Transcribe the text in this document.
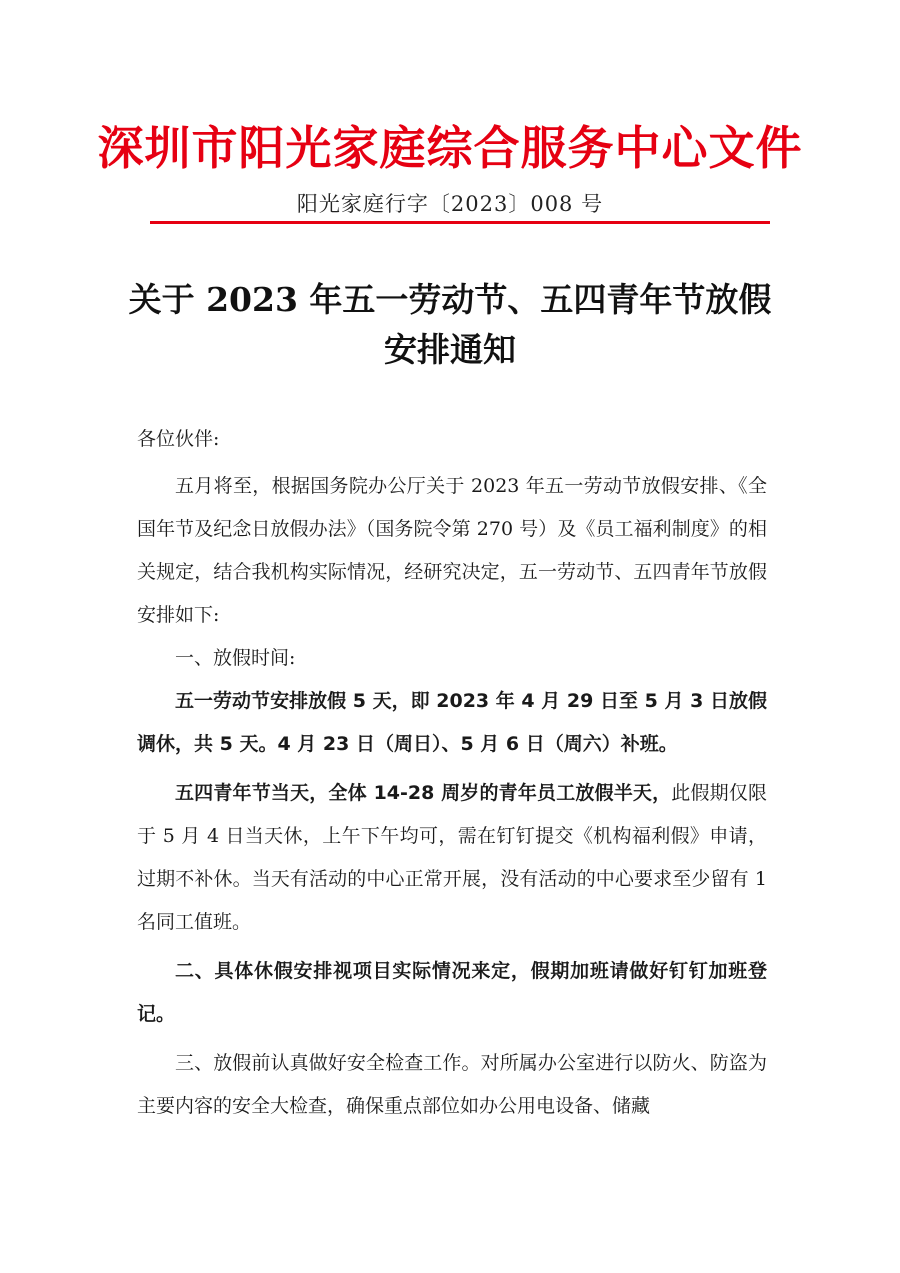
深圳市阳光家庭综合服务中心文件
阳光家庭行字〔2023〕008 号
关于 2023 年五一劳动节、五四青年节放假
安排通知

各位伙伴:

五月将至，根据国务院办公厅关于 2023 年五一劳动节放假安排、《全国年节及纪念日放假办法》（国务院令第 270 号）及《员工福利制度》的相关规定，结合我机构实际情况，经研究决定，五一劳动节、五四青年节放假安排如下:

一、放假时间:

五一劳动节安排放假 5 天，即 2023 年 4 月 29 日至 5 月 3 日放假调休，共 5 天。4 月 23 日（周日）、5 月 6 日（周六）补班。

五四青年节当天，全体 14-28 周岁的青年员工放假半天，此假期仅限于 5 月 4 日当天休，上午下午均可，需在钉钉提交《机构福利假》申请，过期不补休。当天有活动的中心正常开展，没有活动的中心要求至少留有 1 名同工值班。

二、具体休假安排视项目实际情况来定，假期加班请做好钉钉加班登记。

三、放假前认真做好安全检查工作。对所属办公室进行以防火、防盗为主要内容的安全大检查，确保重点部位如办公用电设备、储藏
